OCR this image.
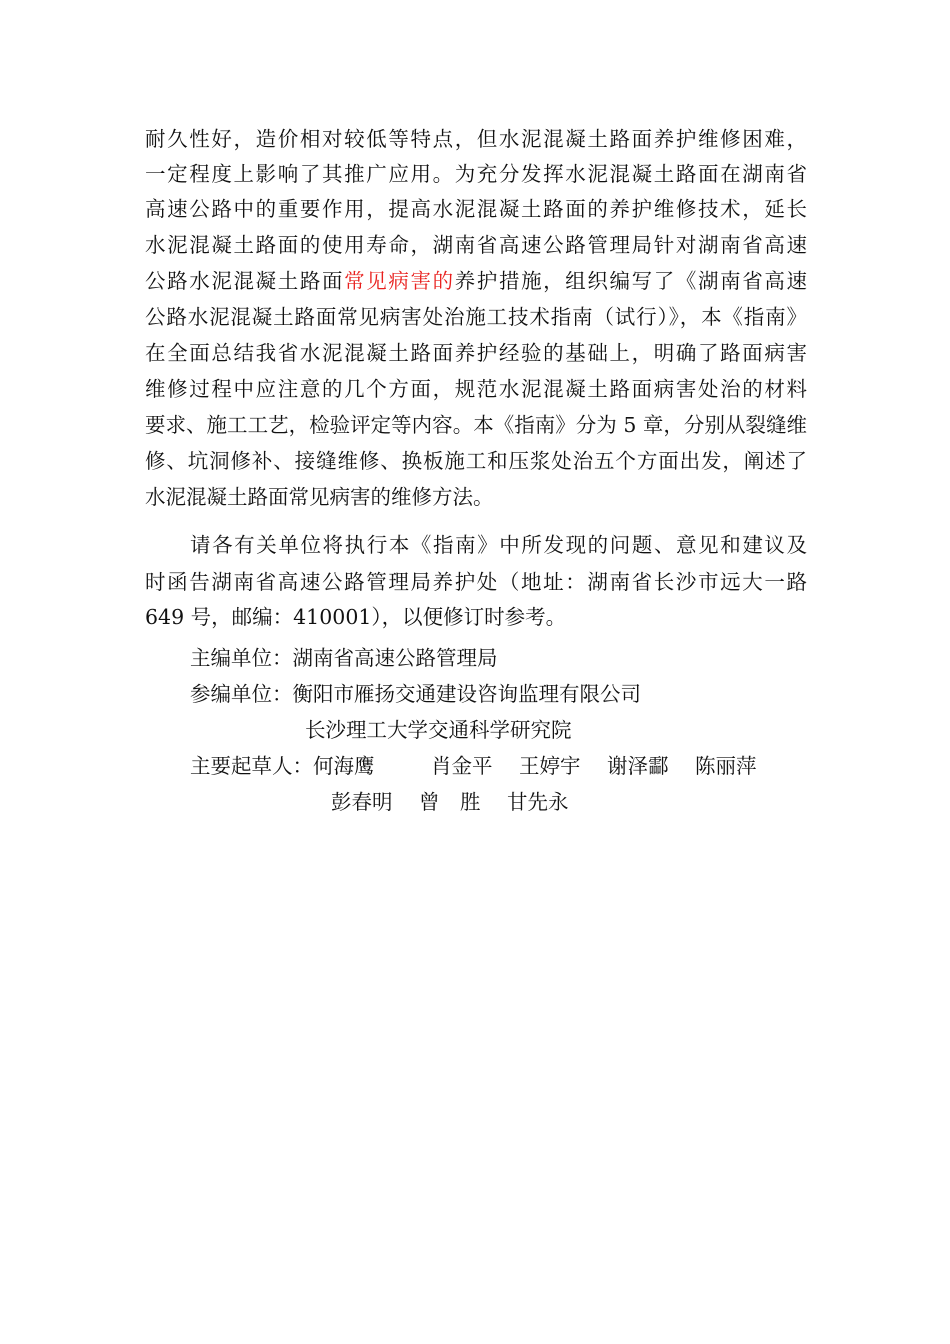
耐久性好，造价相对较低等特点，但水泥混凝土路面养护维修困难，
一定程度上影响了其推广应用。为充分发挥水泥混凝土路面在湖南省
高速公路中的重要作用，提高水泥混凝土路面的养护维修技术，延长
水泥混凝土路面的使用寿命，湖南省高速公路管理局针对湖南省高速
公路水泥混凝土路面常见病害的养护措施，组织编写了《湖南省高速
公路水泥混凝土路面常见病害处治施工技术指南（试行）》，本《指南》
在全面总结我省水泥混凝土路面养护经验的基础上，明确了路面病害
维修过程中应注意的几个方面，规范水泥混凝土路面病害处治的材料
要求、施工工艺，检验评定等内容。本《指南》分为 5 章，分别从裂缝维
修、坑洞修补、接缝维修、换板施工和压浆处治五个方面出发，阐述了
水泥混凝土路面常见病害的维修方法。
请各有关单位将执行本《指南》中所发现的问题、意见和建议及
时函告湖南省高速公路管理局养护处（地址：湖南省长沙市远大一路
649 号，邮编：410001），以便修订时参考。
主编单位：湖南省高速公路管理局
参编单位：衡阳市雁扬交通建设咨询监理有限公司
长沙理工大学交通科学研究院
主要起草人：何海鹰	肖金平 王婷宇 谢泽酃 陈丽萍
彭春明 曾　胜 甘先永
